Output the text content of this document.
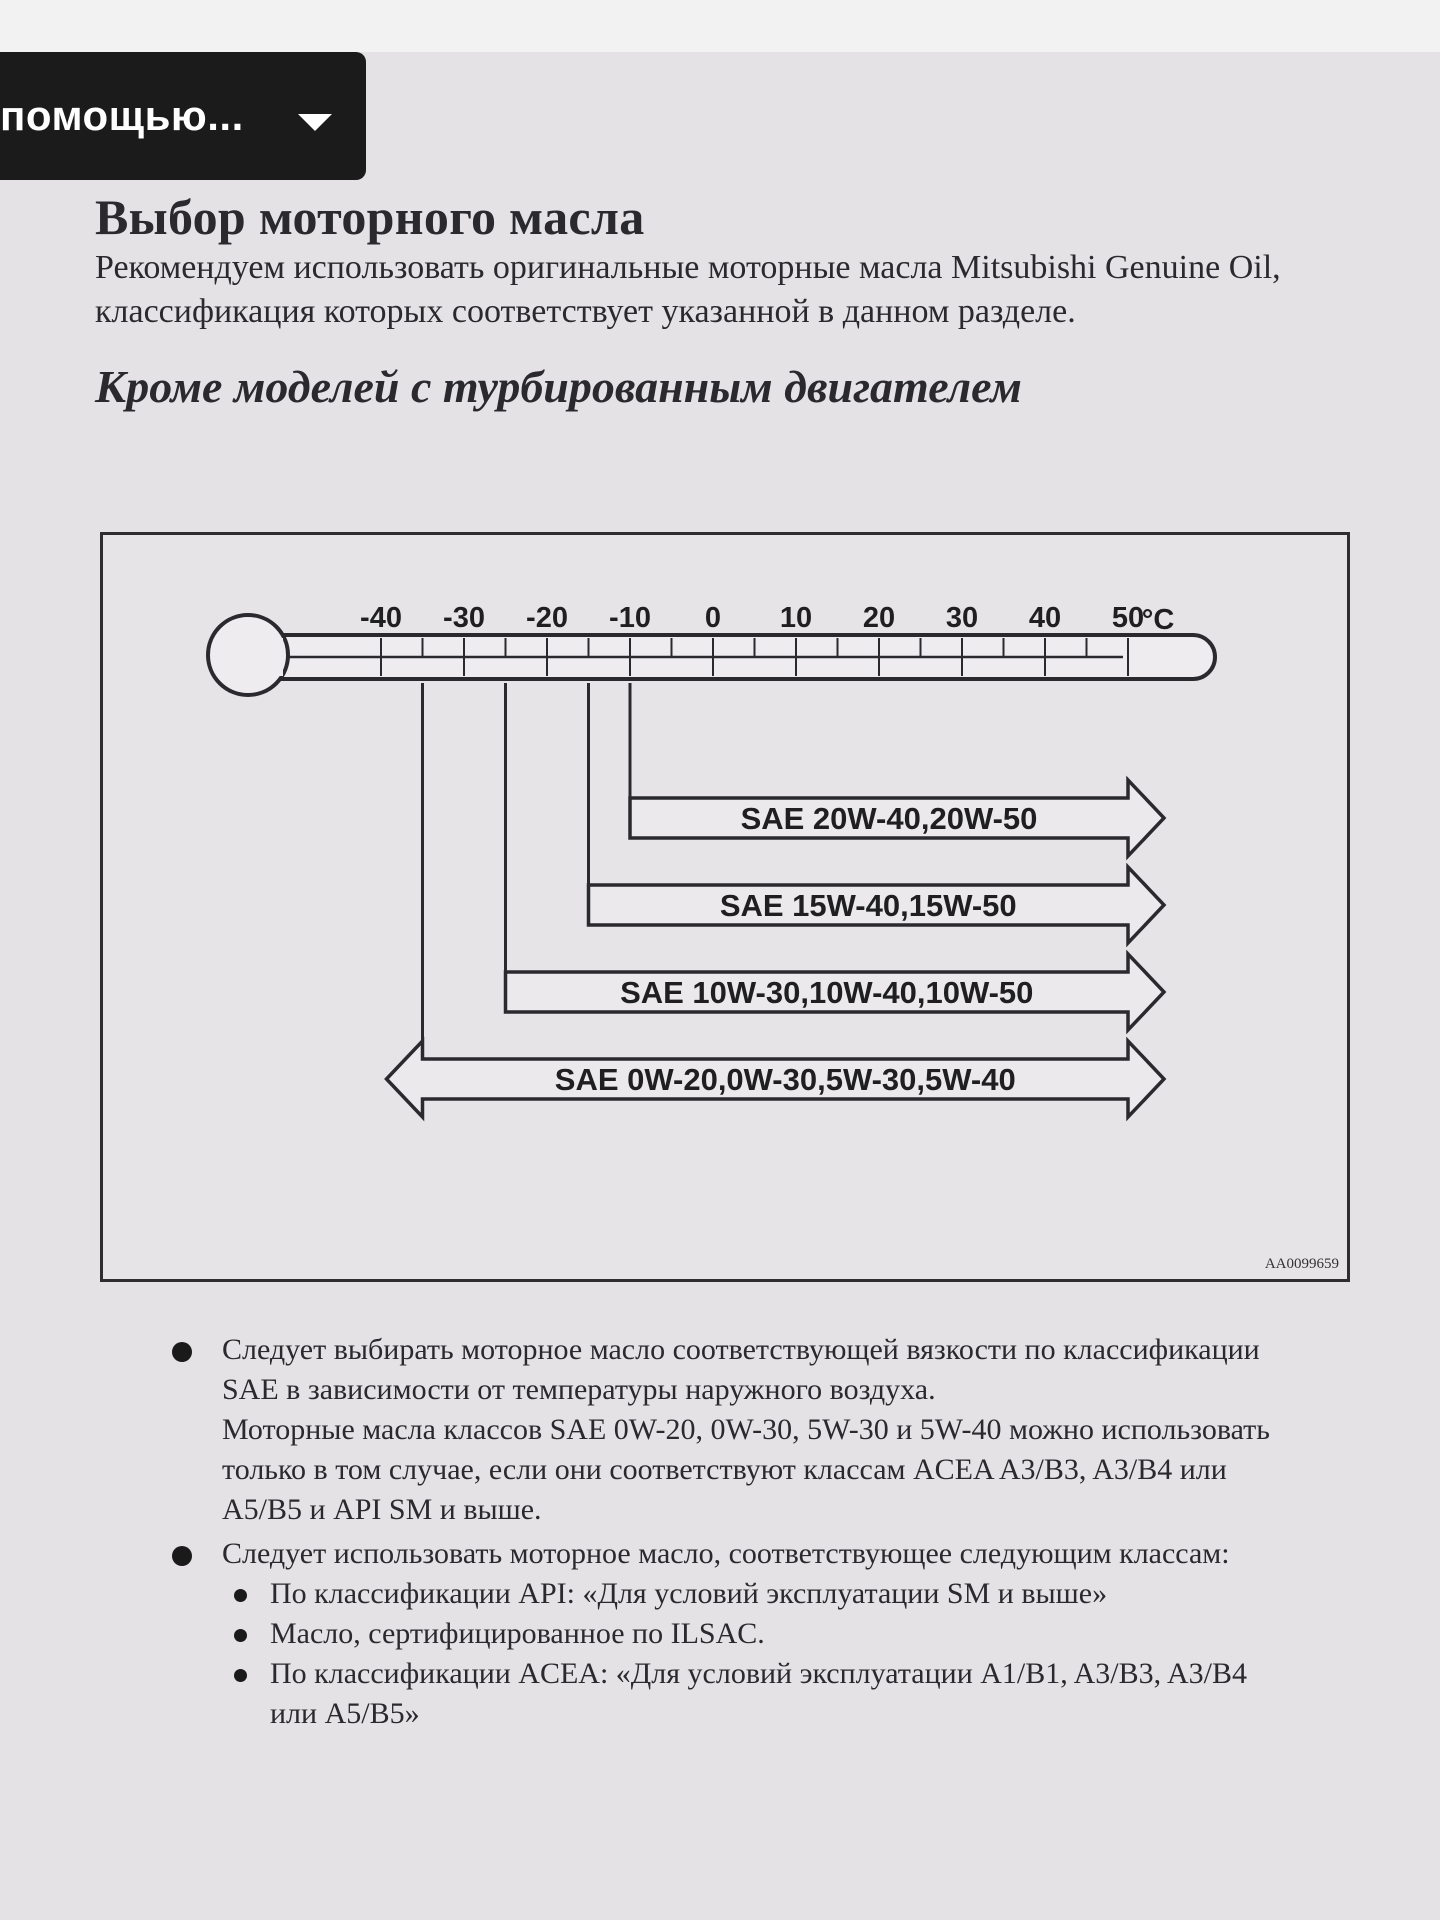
помощью...
Выбор моторного масла

Рекомендуем использовать оригинальные моторные масла Mitsubishi Genuine Oil, классификация которых соответствует указанной в данном разделе.

Кроме моделей с турбированным двигателем
-40 -30 -20 -10 0 10 20 30 40 50
°C
SAE 20W-40,20W-50
SAE 15W-40,15W-50
SAE 10W-30,10W-40,10W-50
SAE 0W-20,0W-30,5W-30,5W-40
AA0099659
Следует выбирать моторное масло соответствующей вязкости по классификации SAE в зависимости от температуры наружного воздуха.
Моторные масла классов SAE 0W-20, 0W-30, 5W-30 и 5W-40 можно использовать только в том случае, если они соответствуют классам ACEA A3/B3, A3/B4 или A5/B5 и API SM и выше.
Следует использовать моторное масло, соответствующее следующим классам:
По классификации API: «Для условий эксплуатации SM и выше»
Масло, сертифицированное по ILSAC.
По классификации ACEA: «Для условий эксплуатации A1/B1, A3/B3, A3/B4 или A5/B5»
